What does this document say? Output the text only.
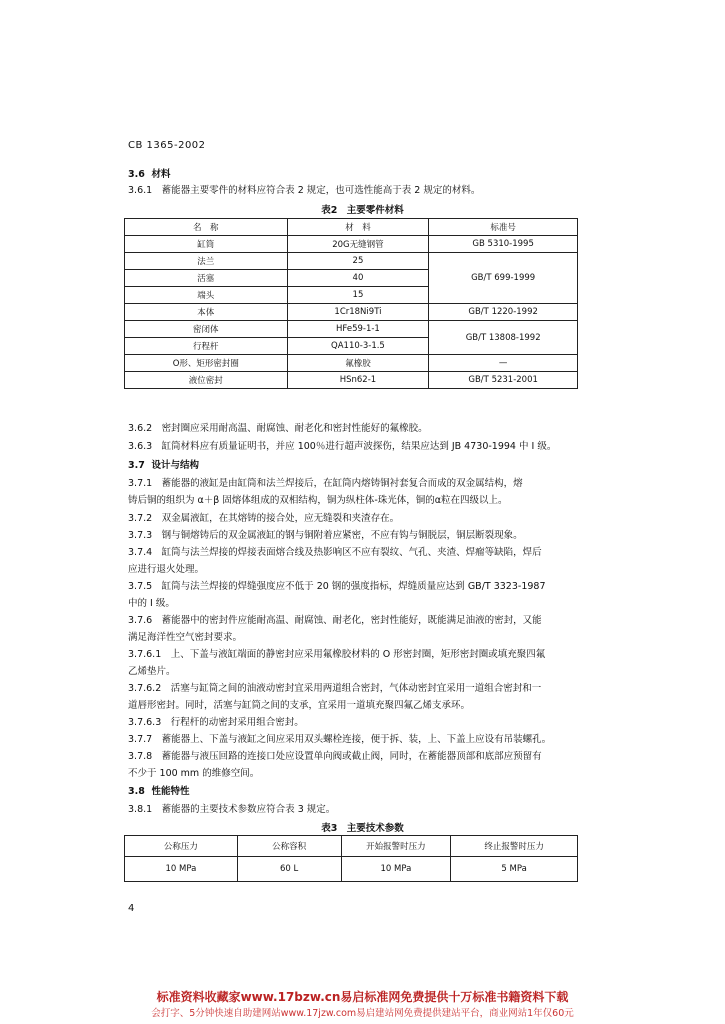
CB 1365-2002
3.6 材料
3.6.1　蓄能器主要零件的材料应符合表 2 规定，也可选性能高于表 2 规定的材料。
表2　主要零件材料
名　称	材　料	标准号
缸筒	20G无缝钢管	GB 5310-1995
法兰	25	GB/T 699-1999
活塞	40	
端头	15	
本体	1Cr18Ni9Ti	GB/T 1220-1992
密闭体	HFe59-1-1	GB/T 13808-1992
行程杆	QA110-3-1.5	
O形、矩形密封圈	氟橡胶	—
液位密封	HSn62-1	GB/T 5231-2001
3.6.2　密封圈应采用耐高温、耐腐蚀、耐老化和密封性能好的氟橡胶。
3.6.3　缸筒材料应有质量证明书，并应 100％进行超声波探伤，结果应达到 JB 4730-1994 中 I 级。
3.7 设计与结构
3.7.1　蓄能器的液缸是由缸筒和法兰焊接后，在缸筒内熔铸铜衬套复合而成的双金属结构，熔
铸后铜的组织为 α＋β 固熔体组成的双相结构，铜为纵柱体-珠光体，铜的α粒在四级以上。
3.7.2　双金属液缸，在其熔铸的接合处，应无缝裂和夹渣存在。
3.7.3　钢与铜熔铸后的双金属液缸的钢与铜附着应紧密，不应有钩与铜脱层，铜层断裂现象。
3.7.4　缸筒与法兰焊接的焊接表面熔合线及热影响区不应有裂纹、气孔、夹渣、焊瘤等缺陷，焊后
应进行退火处理。
3.7.5　缸筒与法兰焊接的焊缝强度应不低于 20 钢的强度指标，焊缝质量应达到 GB/T 3323-1987
中的 I 级。
3.7.6　蓄能器中的密封件应能耐高温、耐腐蚀、耐老化，密封性能好，既能满足油液的密封，又能
满足海洋性空气密封要求。
3.7.6.1　上、下盖与液缸端面的静密封应采用氟橡胶材料的 O 形密封圈，矩形密封圈或填充聚四氟
乙烯垫片。
3.7.6.2　活塞与缸筒之间的油液动密封宜采用两道组合密封，气体动密封宜采用一道组合密封和一
道唇形密封。同时，活塞与缸筒之间的支承，宜采用一道填充聚四氟乙烯支承环。
3.7.6.3　行程杆的动密封采用组合密封。
3.7.7　蓄能器上、下盖与液缸之间应采用双头螺栓连接，便于拆、装，上、下盖上应设有吊装螺孔。
3.7.8　蓄能器与液压回路的连接口处应设置单向阀或截止阀，同时，在蓄能器顶部和底部应预留有
不少于 100 mm 的维修空间。
3.8 性能特性
3.8.1　蓄能器的主要技术参数应符合表 3 规定。
表3　主要技术参数
公称压力	公称容积	开始报警时压力	终止报警时压力
10 MPa	60 L	10 MPa	5 MPa
4
标准资料收藏家www.17bzw.cn易启标准网免费提供十万标准书籍资料下载
会打字、5分钟快速自助建网站www.17jzw.com易启建站网免费提供建站平台，商业网站1年仅60元
